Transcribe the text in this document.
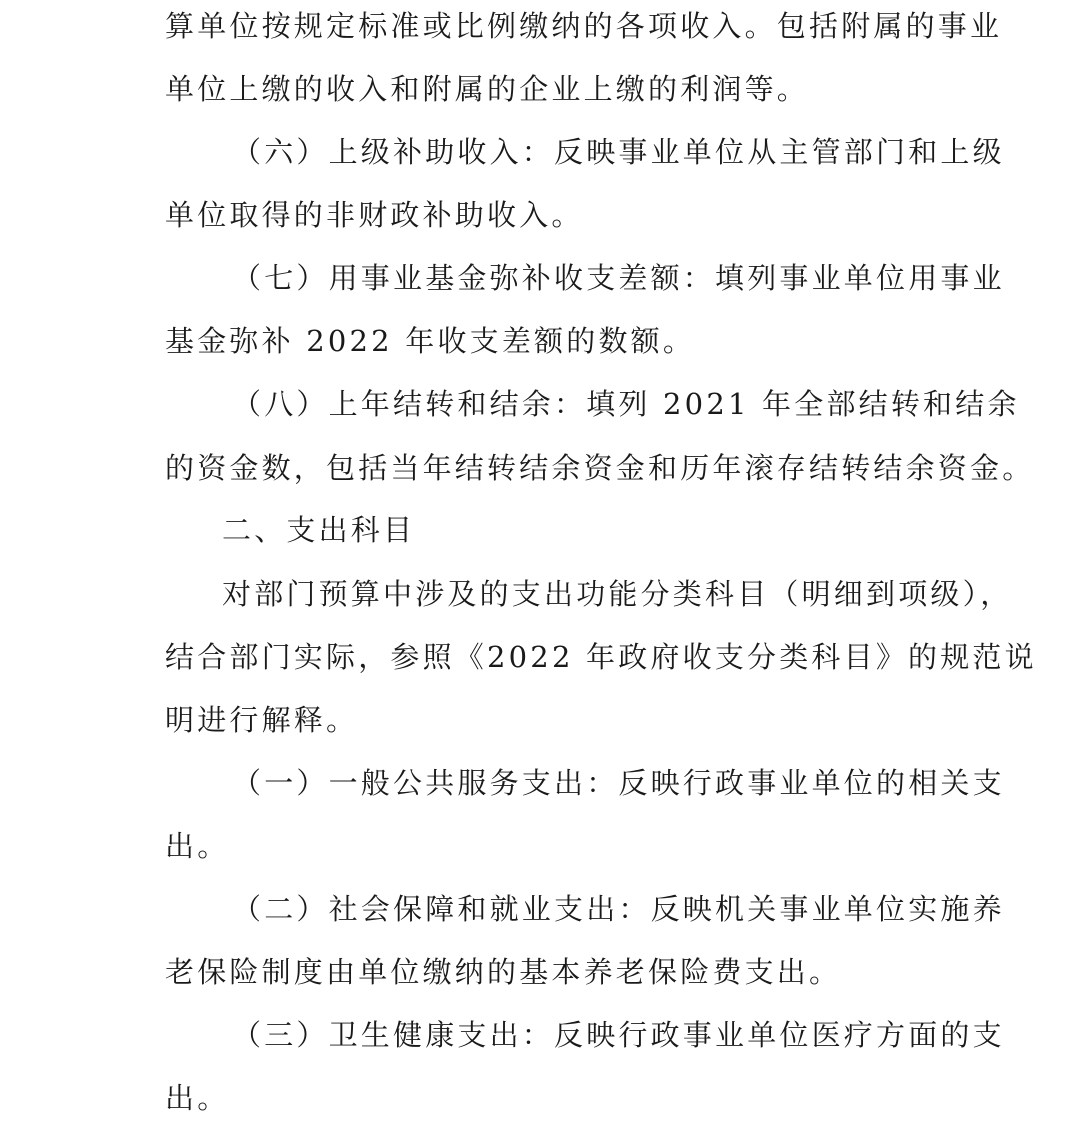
算单位按规定标准或比例缴纳的各项收入。包括附属的事业
单位上缴的收入和附属的企业上缴的利润等。
（六）上级补助收入：反映事业单位从主管部门和上级
单位取得的非财政补助收入。
（七）用事业基金弥补收支差额：填列事业单位用事业
基金弥补 2022 年收支差额的数额。
（八）上年结转和结余：填列 2021 年全部结转和结余
的资金数，包括当年结转结余资金和历年滚存结转结余资金。
二、支出科目
对部门预算中涉及的支出功能分类科目（明细到项级），
结合部门实际，参照《2022 年政府收支分类科目》的规范说
明进行解释。
（一）一般公共服务支出：反映行政事业单位的相关支
出。
（二）社会保障和就业支出：反映机关事业单位实施养
老保险制度由单位缴纳的基本养老保险费支出。
（三）卫生健康支出：反映行政事业单位医疗方面的支
出。
